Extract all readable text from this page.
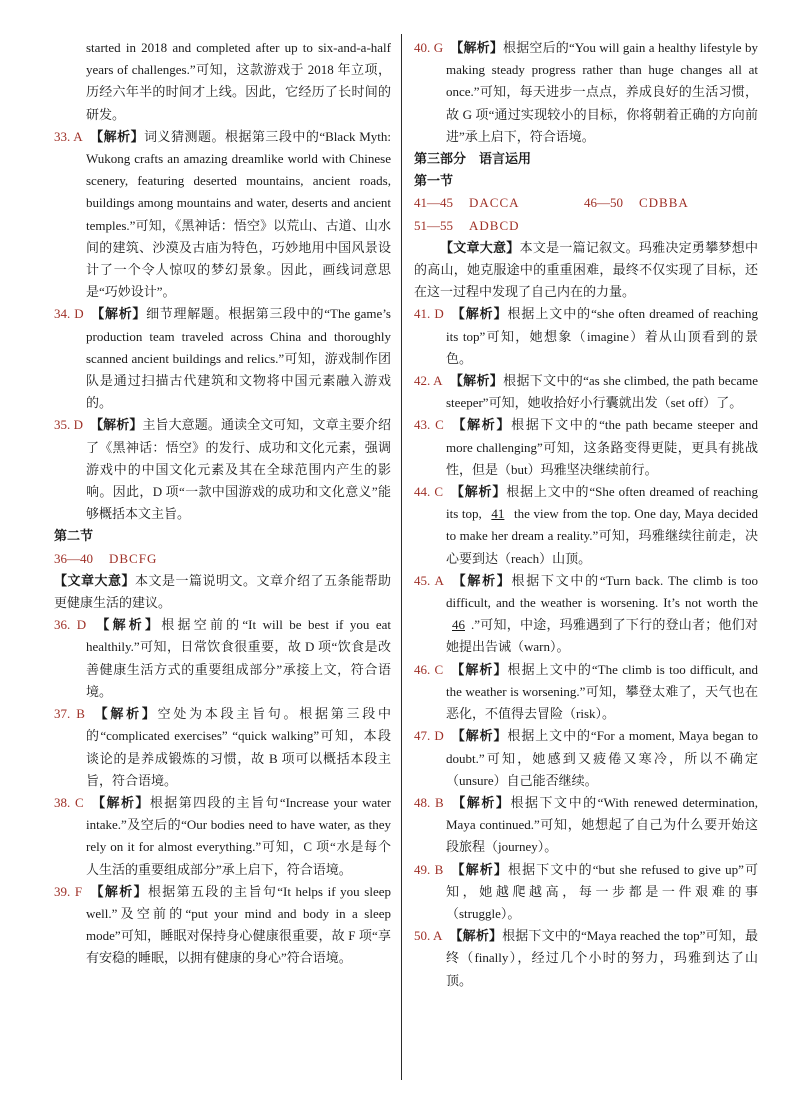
started in 2018 and completed after up to six-and-a-half years of challenges.”可知，这款游戏于 2018 年立项，历经六年半的时间才上线。因此，它经历了长时间的研发。

33. A 【解析】词义猜测题。根据第三段中的“Black Myth: Wukong crafts an amazing dreamlike world with Chinese scenery, featuring deserted mountains, ancient roads, buildings among mountains and water, deserts and ancient temples.”可知，《黑神话：悟空》以荒山、古道、山水间的建筑、沙漠及古庙为特色，巧妙地用中国风景设计了一个令人惊叹的梦幻景象。因此，画线词意思是“巧妙设计”。

34. D 【解析】细节理解题。根据第三段中的“The game’s production team traveled across China and thoroughly scanned ancient buildings and relics.”可知，游戏制作团队是通过扫描古代建筑和文物将中国元素融入游戏的。

35. D 【解析】主旨大意题。通读全文可知，文章主要介绍了《黑神话：悟空》的发行、成功和文化元素，强调游戏中的中国文化元素及其在全球范围内产生的影响。因此，D 项“一款中国游戏的成功和文化意义”能够概括本文主旨。

第二节

36—40 DBCFG

【文章大意】本文是一篇说明文。文章介绍了五条能帮助更健康生活的建议。

36. D 【解析】根据空前的“It will be best if you eat healthily.”可知，日常饮食很重要，故 D 项“饮食是改善健康生活方式的重要组成部分”承接上文，符合语境。

37. B 【解析】空处为本段主旨句。根据第三段中的“complicated exercises” “quick walking”可知，本段谈论的是养成锻炼的习惯，故 B 项可以概括本段主旨，符合语境。

38. C 【解析】根据第四段的主旨句“Increase your water intake.”及空后的“Our bodies need to have water, as they rely on it for almost everything.”可知，C 项“水是每个人生活的重要组成部分”承上启下，符合语境。

39. F 【解析】根据第五段的主旨句“It helps if you sleep well.”及空前的“put your mind and body in a sleep mode”可知，睡眠对保持身心健康很重要，故 F 项“享有安稳的睡眠，以拥有健康的身心”符合语境。

40. G 【解析】根据空后的“You will gain a healthy lifestyle by making steady progress rather than huge changes all at once.”可知，每天进步一点点，养成良好的生活习惯，故 G 项“通过实现较小的目标，你将朝着正确的方向前进”承上启下，符合语境。

第三部分　语言运用

第一节

41—45 DACCA	46—50 CDBBA

51—55 ADBCD

【文章大意】本文是一篇记叙文。玛雅决定勇攀梦想中的高山，她克服途中的重重困难，最终不仅实现了目标，还在这一过程中发现了自己内在的力量。

41. D 【解析】根据上文中的“she often dreamed of reaching its top”可知，她想象（imagine）着从山顶看到的景色。

42. A 【解析】根据下文中的“as she climbed, the path became steeper”可知，她收拾好小行囊就出发（set off）了。

43. C 【解析】根据下文中的“the path became steeper and more challenging”可知，这条路变得更陡，更具有挑战性，但是（but）玛雅坚决继续前行。

44. C 【解析】根据上文中的“She often dreamed of reaching its top, 41 the view from the top. One day, Maya decided to make her dream a reality.”可知，玛雅继续往前走，决心要到达（reach）山顶。

45. A 【解析】根据下文中的“Turn back. The climb is too difficult, and the weather is worsening. It’s not worth the 46 .”可知，中途，玛雅遇到了下行的登山者；他们对她提出告诫（warn）。

46. C 【解析】根据上文中的“The climb is too difficult, and the weather is worsening.”可知，攀登太难了，天气也在恶化，不值得去冒险（risk）。

47. D 【解析】根据上文中的“For a moment, Maya began to doubt.”可知，她感到又疲倦又寒冷，所以不确定（unsure）自己能否继续。

48. B 【解析】根据下文中的“With renewed determination, Maya continued.”可知，她想起了自己为什么要开始这段旅程（journey）。

49. B 【解析】根据下文中的“but she refused to give up”可知，她越爬越高，每一步都是一件艰难的事（struggle）。

50. A 【解析】根据下文中的“Maya reached the top”可知，最终（finally），经过几个小时的努力，玛雅到达了山顶。
